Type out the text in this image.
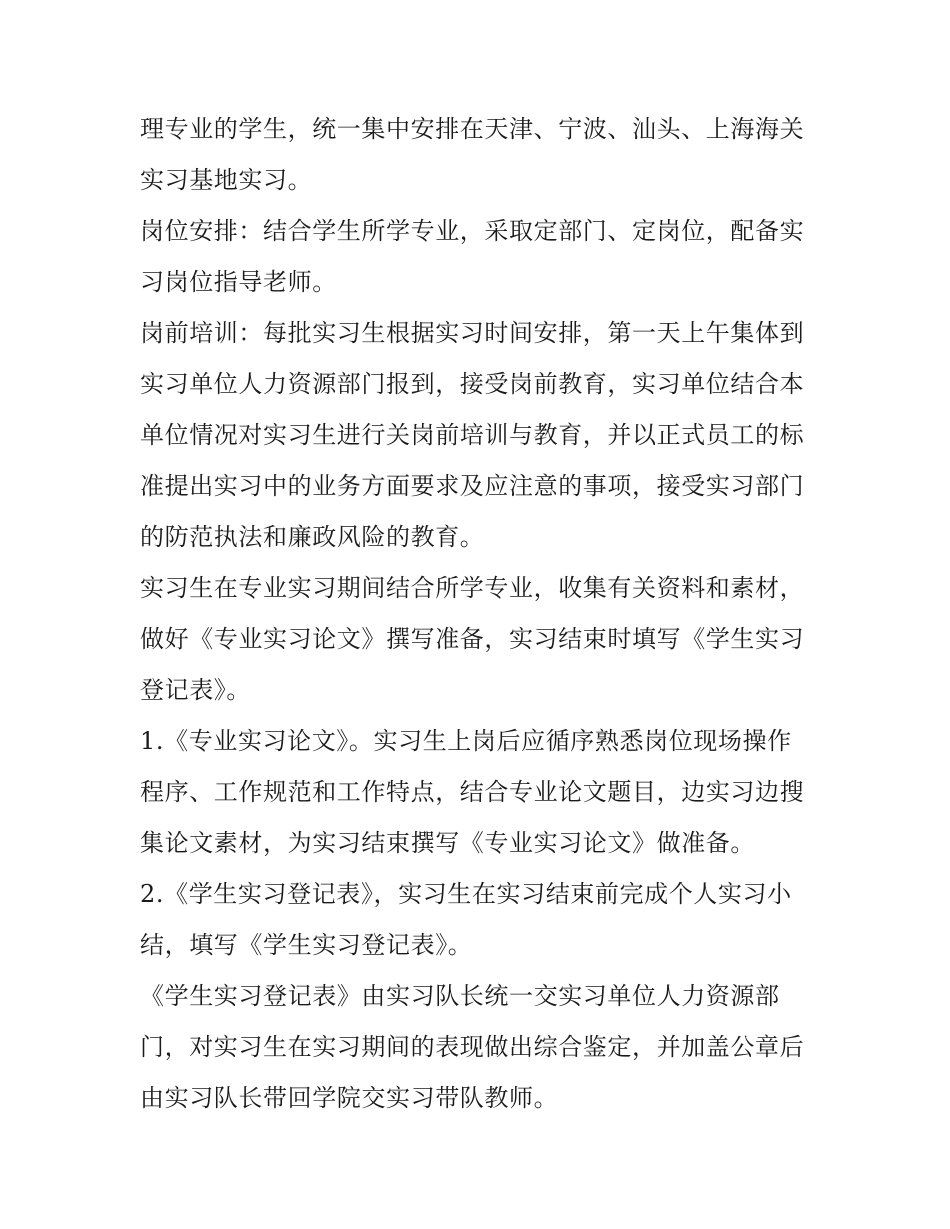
理专业的学生，统一集中安排在天津、宁波、汕头、上海海关实习基地实习。

岗位安排：结合学生所学专业，采取定部门、定岗位，配备实习岗位指导老师。

岗前培训：每批实习生根据实习时间安排，第一天上午集体到实习单位人力资源部门报到，接受岗前教育，实习单位结合本单位情况对实习生进行关岗前培训与教育，并以正式员工的标准提出实习中的业务方面要求及应注意的事项，接受实习部门的防范执法和廉政风险的教育。

实习生在专业实习期间结合所学专业，收集有关资料和素材，做好《专业实习论文》撰写准备，实习结束时填写《学生实习登记表》。

1.《专业实习论文》。实习生上岗后应循序熟悉岗位现场操作程序、工作规范和工作特点，结合专业论文题目，边实习边搜集论文素材，为实习结束撰写《专业实习论文》做准备。

2.《学生实习登记表》，实习生在实习结束前完成个人实习小结，填写《学生实习登记表》。

《学生实习登记表》由实习队长统一交实习单位人力资源部门，对实习生在实习期间的表现做出综合鉴定，并加盖公章后由实习队长带回学院交实习带队教师。
